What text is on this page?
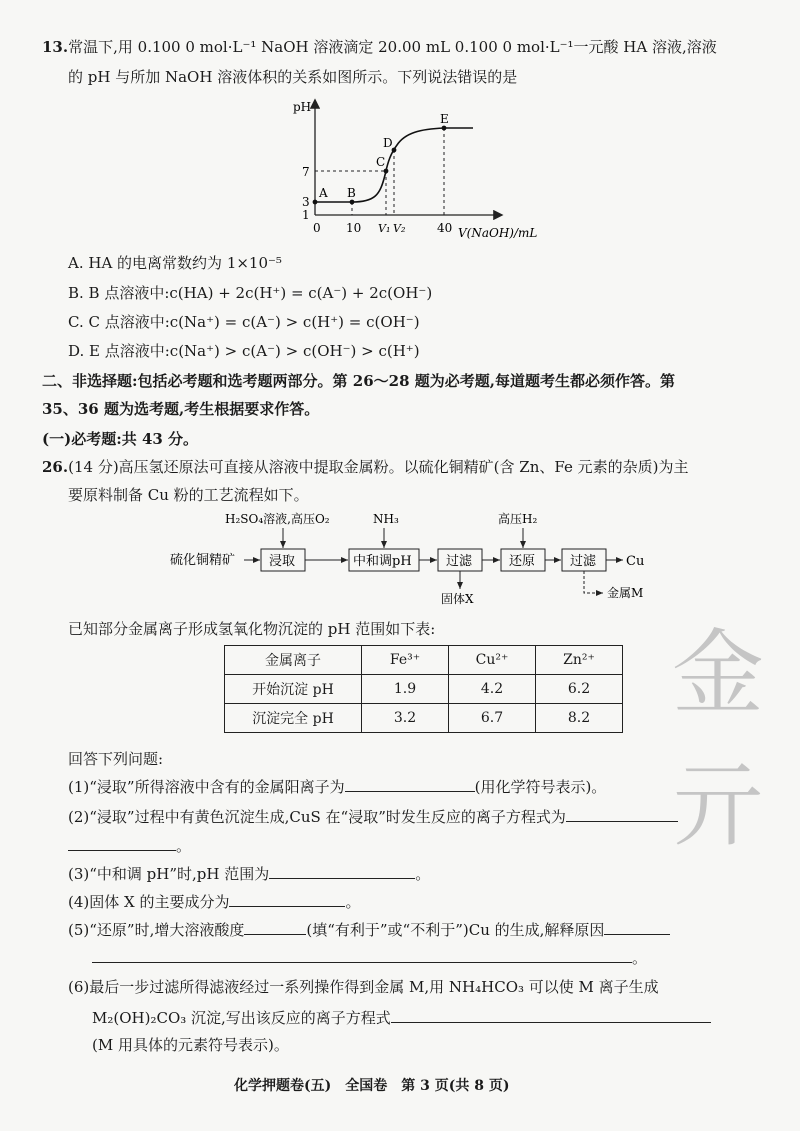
13.常温下,用 0.100 0 mol·L⁻¹ NaOH 溶液滴定 20.00 mL 0.100 0 mol·L⁻¹一元酸 HA 溶液,溶液
的 pH 与所加 NaOH 溶液体积的关系如图所示。下列说法错误的是
pH
V(NaOH)/mL
1
3
7
0 10 V₁ V₂	40
A B
C
D
E
A. HA 的电离常数约为 1×10⁻⁵
B. B 点溶液中:c(HA) + 2c(H⁺) = c(A⁻) + 2c(OH⁻)
C. C 点溶液中:c(Na⁺) = c(A⁻) > c(H⁺) = c(OH⁻)
D. E 点溶液中:c(Na⁺) > c(A⁻) > c(OH⁻) > c(H⁺)
二、非选择题:包括必考题和选考题两部分。第 26～28 题为必考题,每道题考生都必须作答。第
35、36 题为选考题,考生根据要求作答。
(一)必考题:共 43 分。
26.(14 分)高压氢还原法可直接从溶液中提取金属粉。以硫化铜精矿(含 Zn、Fe 元素的杂质)为主
要原料制备 Cu 粉的工艺流程如下。
硫化铜精矿	浸取	中和调pH	过滤	还原	过滤 Cu
H₂SO₄溶液,高压O₂	NH₃	高压H₂
固体X	金属M
金亓
已知部分金属离子形成氢氧化物沉淀的 pH 范围如下表:
金属离子	Fe³⁺	Cu²⁺	Zn²⁺
开始沉淀 pH	1.9	4.2	6.2
沉淀完全 pH	3.2	6.7	8.2
回答下列问题:
(1)“浸取”所得溶液中含有的金属阳离子为	(用化学符号表示)。
(2)“浸取”过程中有黄色沉淀生成,CuS 在“浸取”时发生反应的离子方程式为
。
(3)“中和调 pH”时,pH 范围为	。
(4)固体 X 的主要成分为	。
(5)“还原”时,增大溶液酸度	(填“有利于”或“不利于”)Cu 的生成,解释原因
。
(6)最后一步过滤所得滤液经过一系列操作得到金属 M,用 NH₄HCO₃ 可以使 M 离子生成
M₂(OH)₂CO₃ 沉淀,写出该反应的离子方程式
(M 用具体的元素符号表示)。
化学押题卷(五)　全国卷　第 3 页(共 8 页)
